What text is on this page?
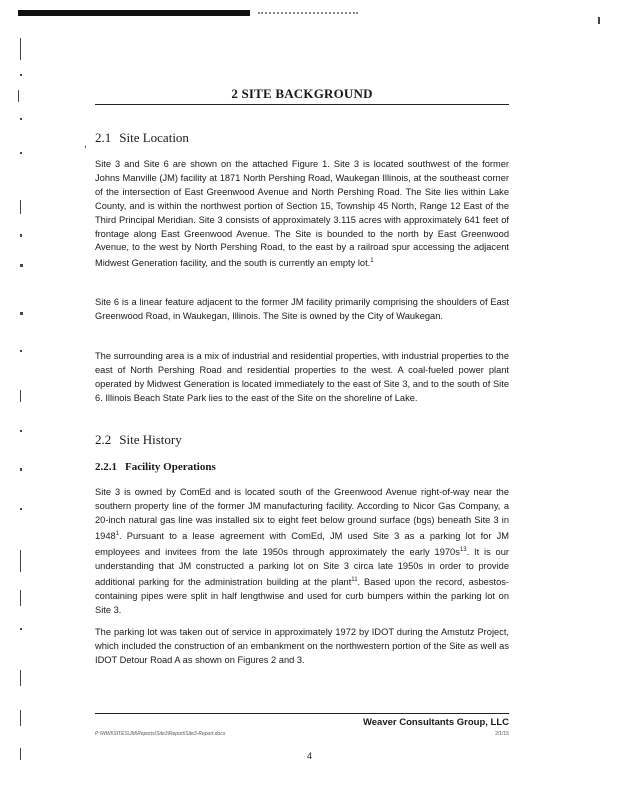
2 SITE BACKGROUND
2.1 Site Location

Site 3 and Site 6 are shown on the attached Figure 1. Site 3 is located southwest of the former Johns Manville (JM) facility at 1871 North Pershing Road, Waukegan Illinois, at the southeast corner of the intersection of East Greenwood Avenue and North Pershing Road. The Site lies within Lake County, and is within the northwest portion of Section 15, Township 45 North, Range 12 East of the Third Principal Meridian. Site 3 consists of approximately 3.115 acres with approximately 641 feet of frontage along East Greenwood Avenue. The Site is bounded to the north by East Greenwood Avenue, to the west by North Pershing Road, to the east by a railroad spur accessing the adjacent Midwest Generation facility, and the south is currently an empty lot.$^1$

Site 6 is a linear feature adjacent to the former JM facility primarily comprising the shoulders of East Greenwood Road, in Waukegan, Illinois. The Site is owned by the City of Waukegan.

The surrounding area is a mix of industrial and residential properties, with industrial properties to the east of North Pershing Road and residential properties to the west. A coal-fueled power plant operated by Midwest Generation is located immediately to the east of Site 3, and to the south of Site 6. Illinois Beach State Park lies to the east of the Site on the shoreline of Lake.

2.2 Site History
2.2.1 Facility Operations

Site 3 is owned by ComEd and is located south of the Greenwood Avenue right-of-way near the southern property line of the former JM manufacturing facility. According to Nicor Gas Company, a 20-inch natural gas line was installed six to eight feet below ground surface (bgs) beneath Site 3 in 1948$^1$. Pursuant to a lease agreement with ComEd, JM used Site 3 as a parking lot for JM employees and invitees from the late 1950s through approximately the early $1970s^{13}$. It is our understanding that JM constructed a parking lot on Site 3 circa late 1950s in order to provide additional parking for the administration building at the plant$^{11}$. Based upon the record, asbestos-containing pipes were split in half lengthwise and used for curb bumpers within the parking lot on Site 3.

The parking lot was taken out of service in approximately 1972 by IDOT during the Amstutz Project, which included the construction of an embankment on the northwestern portion of the Site as well as IDOT Detour Road A as shown on Figures 2 and 3.

,
Weaver Consultants Group, LLC
P:\WWI\SITES\JM\Reports\Site3\Report\Site3-Report.docx	2/1/15
4
